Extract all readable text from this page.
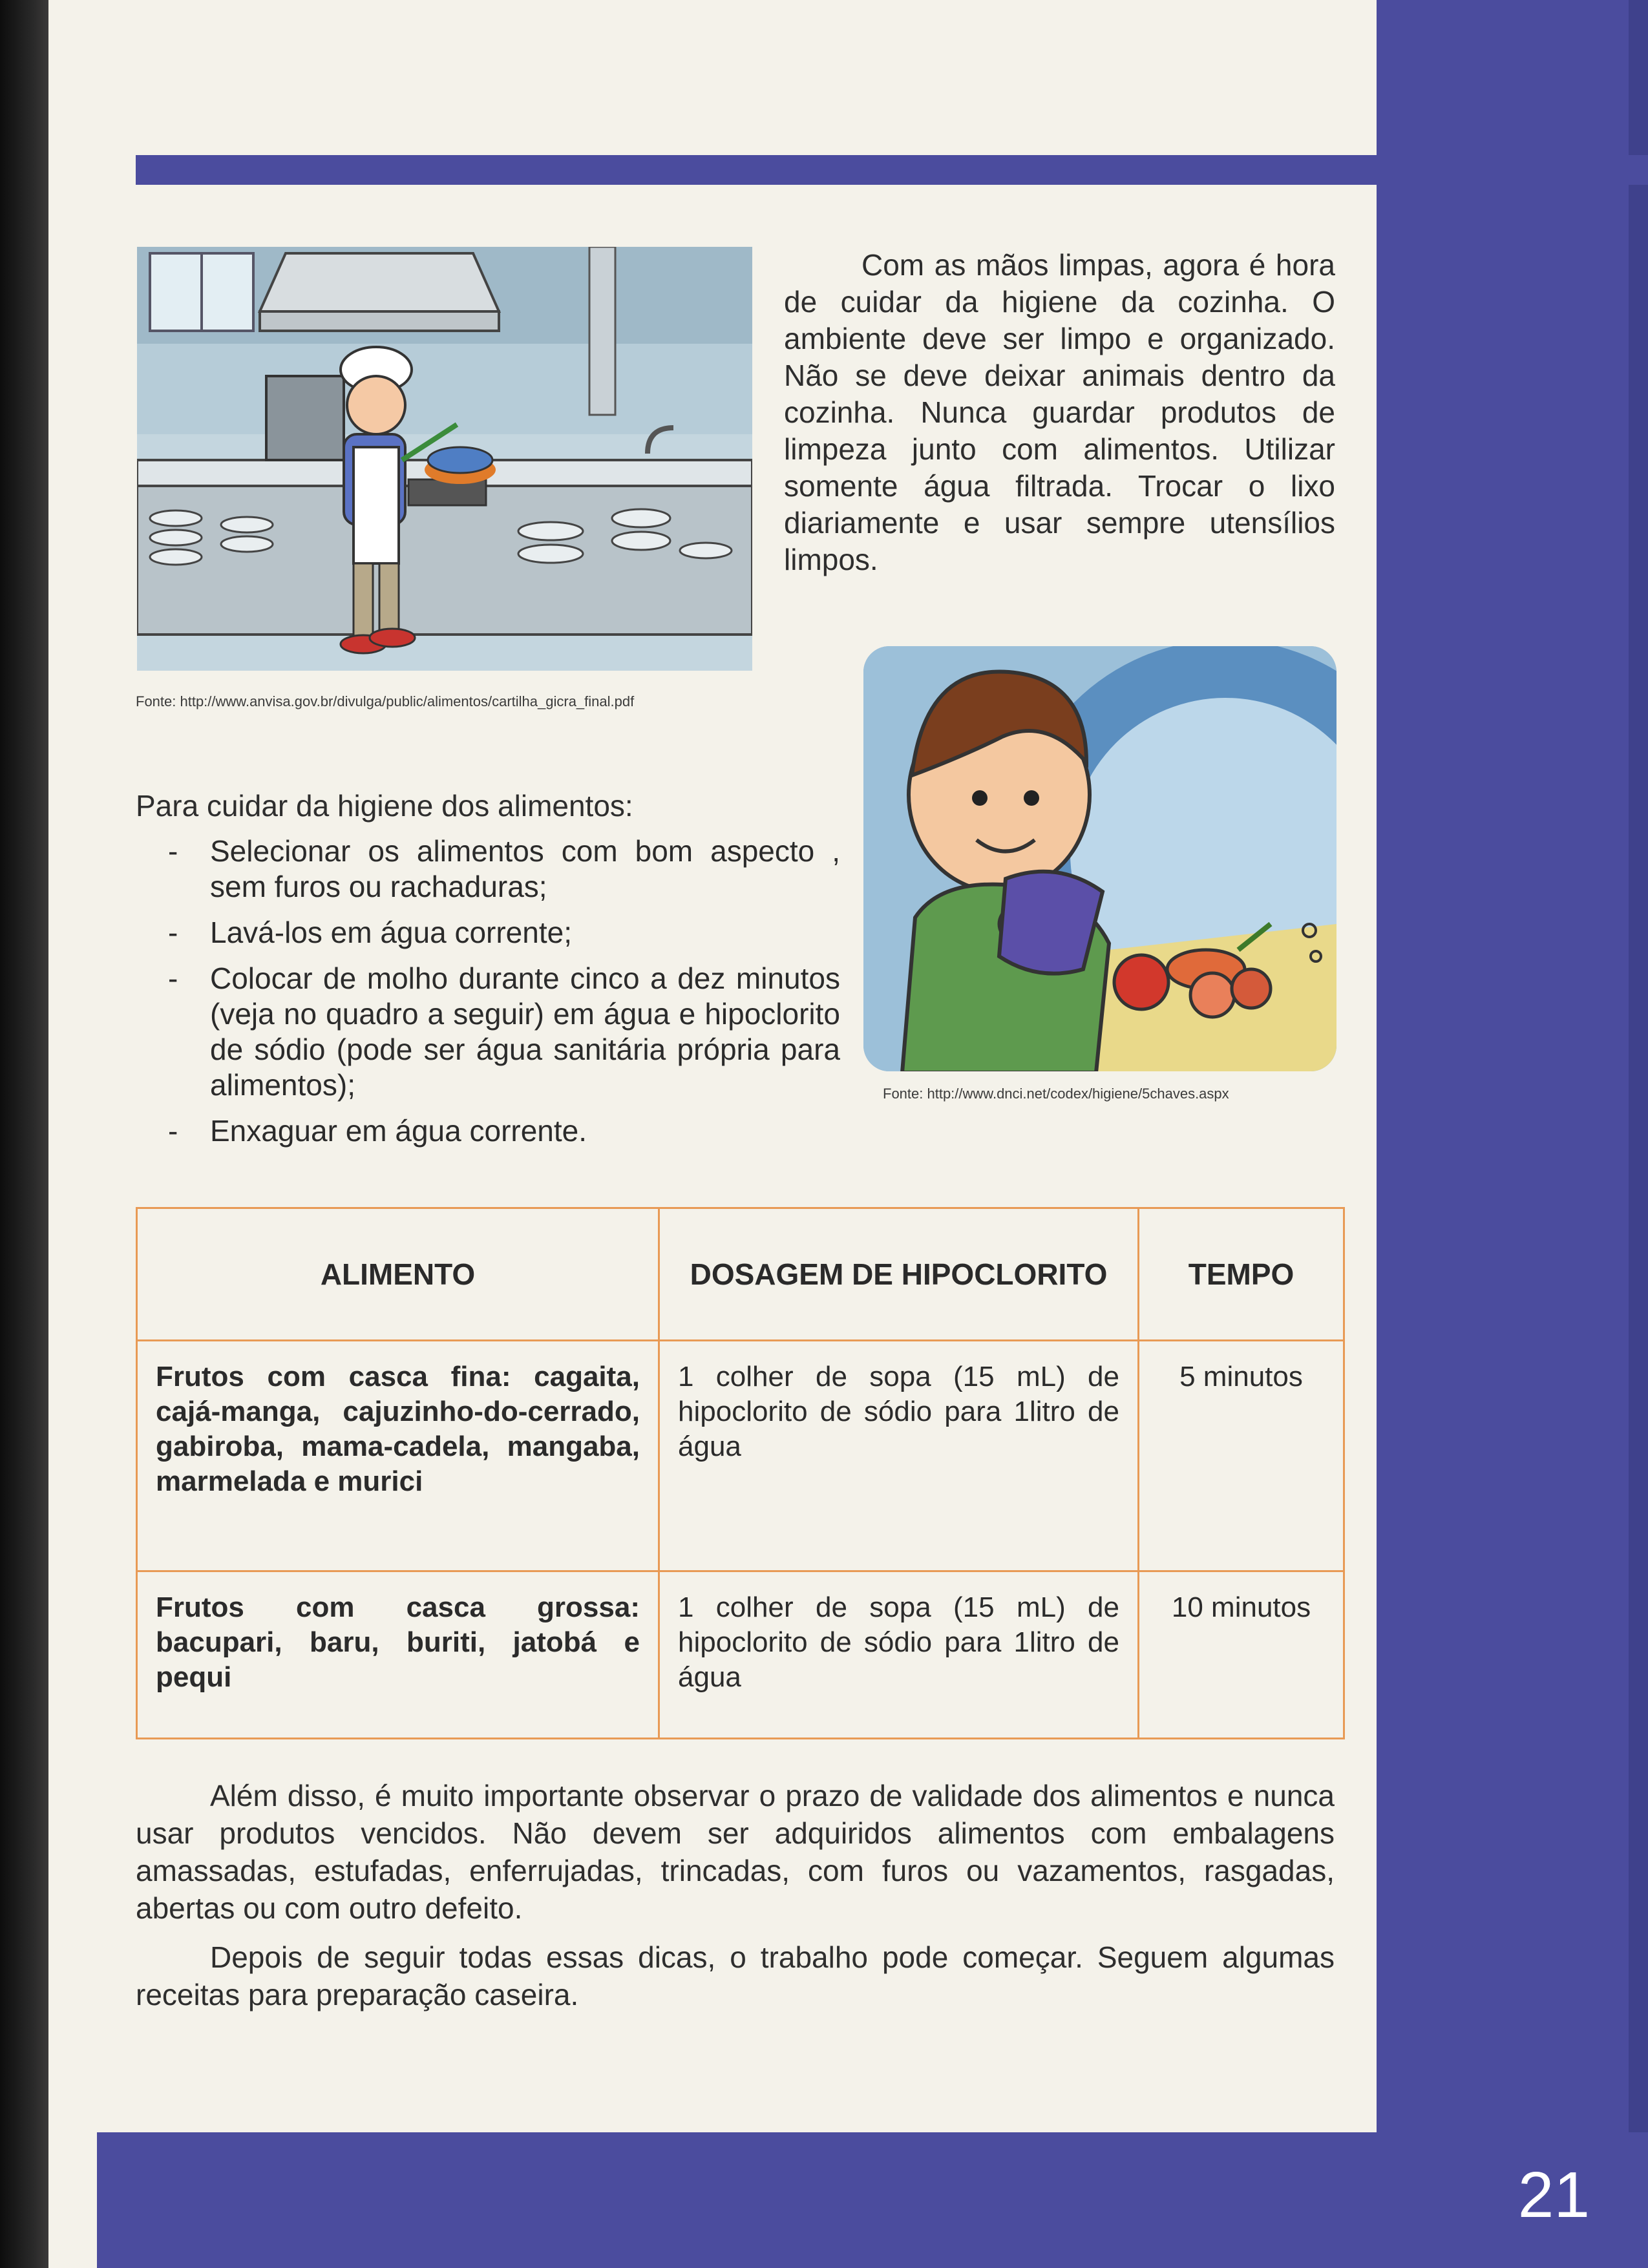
Fonte: http://www.anvisa.gov.br/divulga/public/alimentos/cartilha_gicra_final.pdf

Com as mãos limpas, agora é hora de cuidar da higiene da cozinha. O ambiente deve ser limpo e organizado. Não se deve deixar animais dentro da cozinha. Nunca guardar produtos de limpeza junto com alimentos. Utilizar somente água filtrada. Trocar o lixo diariamente e usar sempre utensílios limpos.

Fonte: http://www.dnci.net/codex/higiene/5chaves.aspx
Para cuidar da higiene dos alimentos:
- Selecionar os alimentos com bom aspecto , sem furos ou rachaduras;
- Lavá-los em água corrente;
- Colocar de molho durante cinco a dez minutos (veja no quadro a seguir) em água e hipoclorito de sódio (pode ser água sanitária própria para alimentos);
- Enxaguar em água corrente.
ALIMENTO	DOSAGEM DE HIPOCLORITO	TEMPO
Frutos com casca fina: cagaita, cajá-manga, cajuzinho-do-cerrado, gabiroba, mama-cadela, mangaba, marmelada e murici	1 colher de sopa (15 mL) de hipoclorito de sódio para 1litro de água	5 minutos
Frutos com casca grossa: bacupari, baru, buriti, jatobá e pequi	1 colher de sopa (15 mL) de hipoclorito de sódio para 1litro de água	10 minutos

Além disso, é muito importante observar o prazo de validade dos alimentos e nunca usar produtos vencidos. Não devem ser adquiridos alimentos com embalagens amassadas, estufadas, enferrujadas, trincadas, com furos ou vazamentos, rasgadas, abertas ou com outro defeito.

Depois de seguir todas essas dicas, o trabalho pode começar. Seguem algumas receitas para preparação caseira.

21
